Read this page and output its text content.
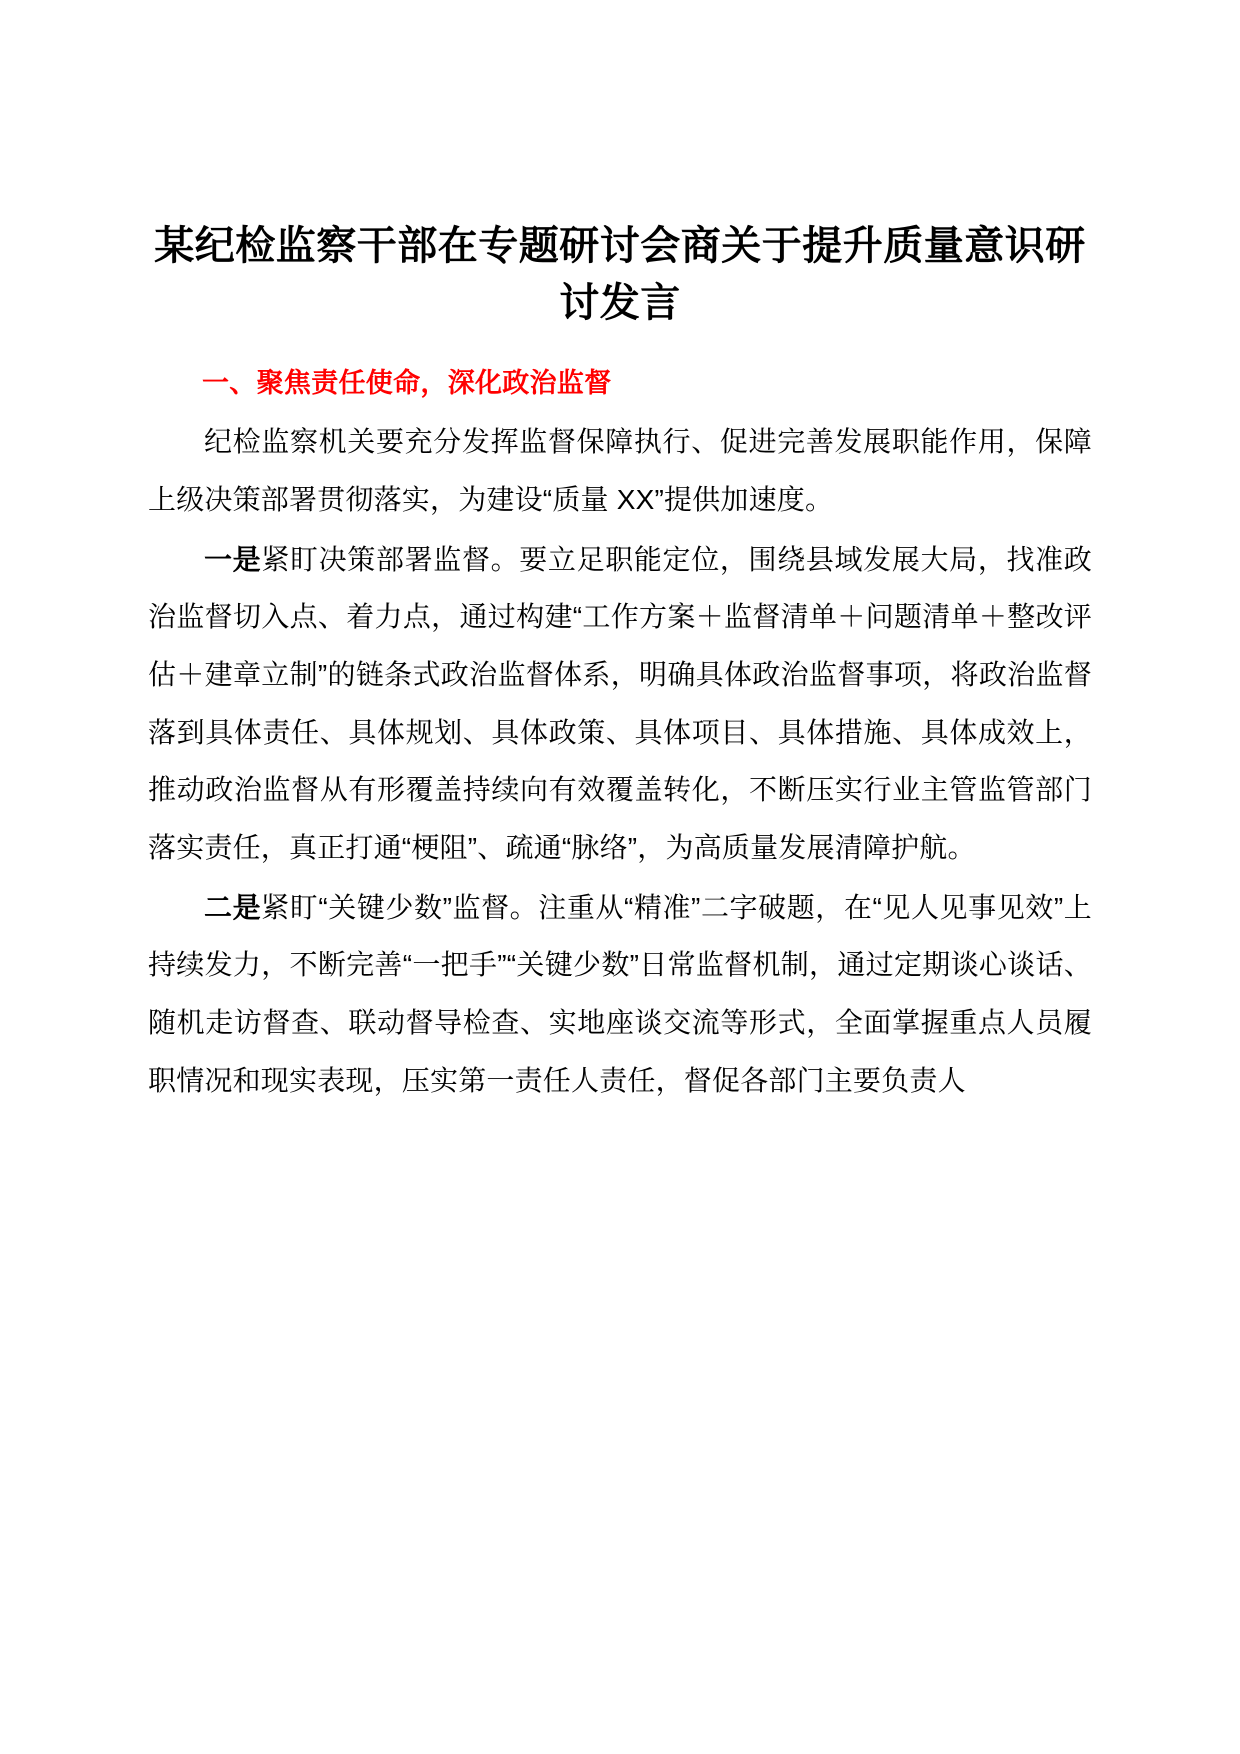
某纪检监察干部在专题研讨会商关于提升质量意识研讨发言
一、聚焦责任使命，深化政治监督

纪检监察机关要充分发挥监督保障执行、促进完善发展职能作用，保障上级决策部署贯彻落实，为建设“质量 XX”提供加速度。

一是紧盯决策部署监督。要立足职能定位，围绕县域发展大局，找准政治监督切入点、着力点，通过构建“工作方案＋监督清单＋问题清单＋整改评估＋建章立制”的链条式政治监督体系，明确具体政治监督事项，将政治监督落到具体责任、具体规划、具体政策、具体项目、具体措施、具体成效上，推动政治监督从有形覆盖持续向有效覆盖转化，不断压实行业主管监管部门落实责任，真正打通“梗阻”、疏通“脉络”，为高质量发展清障护航。

二是紧盯“关键少数”监督。注重从“精准”二字破题，在“见人见事见效”上持续发力，不断完善“一把手”“关键少数”日常监督机制，通过定期谈心谈话、随机走访督查、联动督导检查、实地座谈交流等形式，全面掌握重点人员履职情况和现实表现，压实第一责任人责任，督促各部门主要负责人
